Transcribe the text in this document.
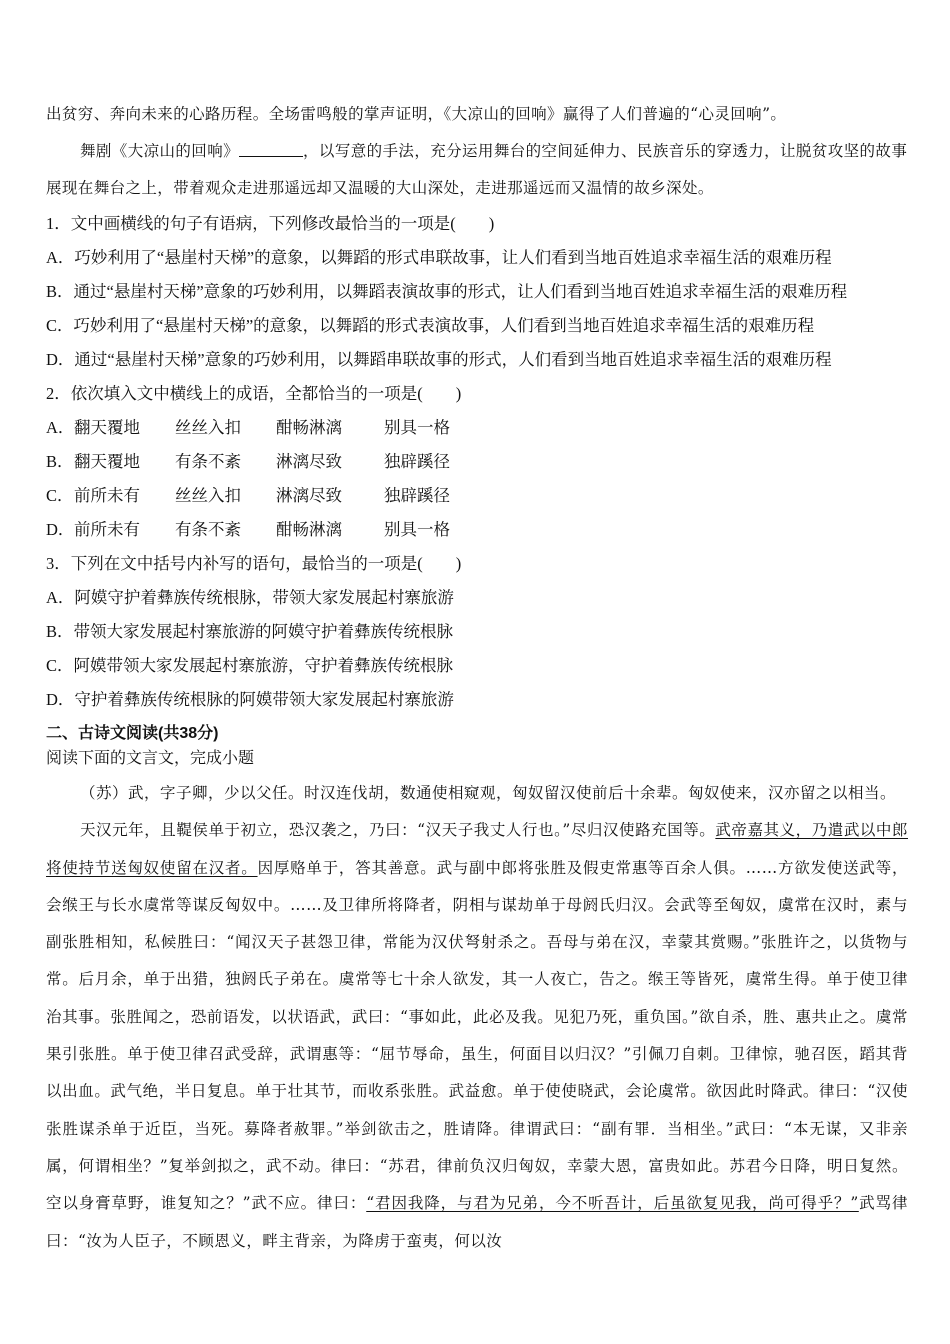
出贫穷、奔向未来的心路历程。全场雷鸣般的掌声证明，《大凉山的回响》赢得了人们普遍的“心灵回响”。

舞剧《大凉山的回响》	，以写意的手法，充分运用舞台的空间延伸力、民族音乐的穿透力，让脱贫攻坚的故事展现在舞台之上，带着观众走进那遥远却又温暖的大山深处，走进那遥远而又温情的故乡深处。

1．文中画横线的句子有语病，下列修改最恰当的一项是(　　)

A．巧妙利用了“悬崖村天梯”的意象，以舞蹈的形式串联故事，让人们看到当地百姓追求幸福生活的艰难历程

B．通过“悬崖村天梯”意象的巧妙利用，以舞蹈表演故事的形式，让人们看到当地百姓追求幸福生活的艰难历程

C．巧妙利用了“悬崖村天梯”的意象，以舞蹈的形式表演故事，人们看到当地百姓追求幸福生活的艰难历程

D．通过“悬崖村天梯”意象的巧妙利用，以舞蹈串联故事的形式，人们看到当地百姓追求幸福生活的艰难历程

2．依次填入文中横线上的成语，全都恰当的一项是(　　)

A． 翻天覆地	丝丝入扣	酣畅淋漓	别具一格
B． 翻天覆地	有条不紊	淋漓尽致	独辟蹊径
C． 前所未有	丝丝入扣	淋漓尽致	独辟蹊径
D． 前所未有	有条不紊	酣畅淋漓	别具一格

3．下列在文中括号内补写的语句，最恰当的一项是(　　)

A．阿嫫守护着彝族传统根脉，带领大家发展起村寨旅游

B．带领大家发展起村寨旅游的阿嫫守护着彝族传统根脉

C．阿嫫带领大家发展起村寨旅游，守护着彝族传统根脉

D．守护着彝族传统根脉的阿嫫带领大家发展起村寨旅游

二、古诗文阅读(共38分)

阅读下面的文言文，完成小题

（苏）武，字子卿，少以父任。时汉连伐胡，数通使相窥观，匈奴留汉使前后十余辈。匈奴使来，汉亦留之以相当。

天汉元年，且鞮侯单于初立，恐汉袭之，乃曰：“汉天子我丈人行也。”尽归汉使路充国等。武帝嘉其义，乃遣武以中郎将使持节送匈奴使留在汉者。因厚赂单于，答其善意。武与副中郎将张胜及假吏常惠等百余人俱。……方欲发使送武等，会缑王与长水虞常等谋反匈奴中。……及卫律所将降者，阴相与谋劫单于母阏氏归汉。会武等至匈奴，虞常在汉时，素与副张胜相知，私候胜曰：“闻汉天子甚怨卫律，常能为汉伏弩射杀之。吾母与弟在汉，幸蒙其赏赐。”张胜许之，以货物与常。后月余，单于出猎，独阏氏子弟在。虞常等七十余人欲发，其一人夜亡，告之。缑王等皆死，虞常生得。单于使卫律治其事。张胜闻之，恐前语发，以状语武，武曰：“事如此，此必及我。见犯乃死，重负国。”欲自杀，胜、惠共止之。虞常果引张胜。单于使卫律召武受辞，武谓惠等：“屈节辱命，虽生，何面目以归汉？”引佩刀自刺。卫律惊，驰召医，蹈其背以出血。武气绝，半日复息。单于壮其节，而收系张胜。武益愈。单于使使晓武，会论虞常。欲因此时降武。律曰：“汉使张胜谋杀单于近臣，当死。募降者赦罪。”举剑欲击之，胜请降。律谓武曰：“副有罪．当相坐。”武曰：“本无谋，又非亲属，何谓相坐？”复举剑拟之，武不动。律曰：“苏君，律前负汉归匈奴，幸蒙大恩，富贵如此。苏君今日降，明日复然。空以身膏草野，谁复知之？”武不应。律曰：“君因我降，与君为兄弟，今不听吾计，后虽欲复见我，尚可得乎？”武骂律曰：“汝为人臣子，不顾恩义，畔主背亲，为降虏于蛮夷，何以汝
